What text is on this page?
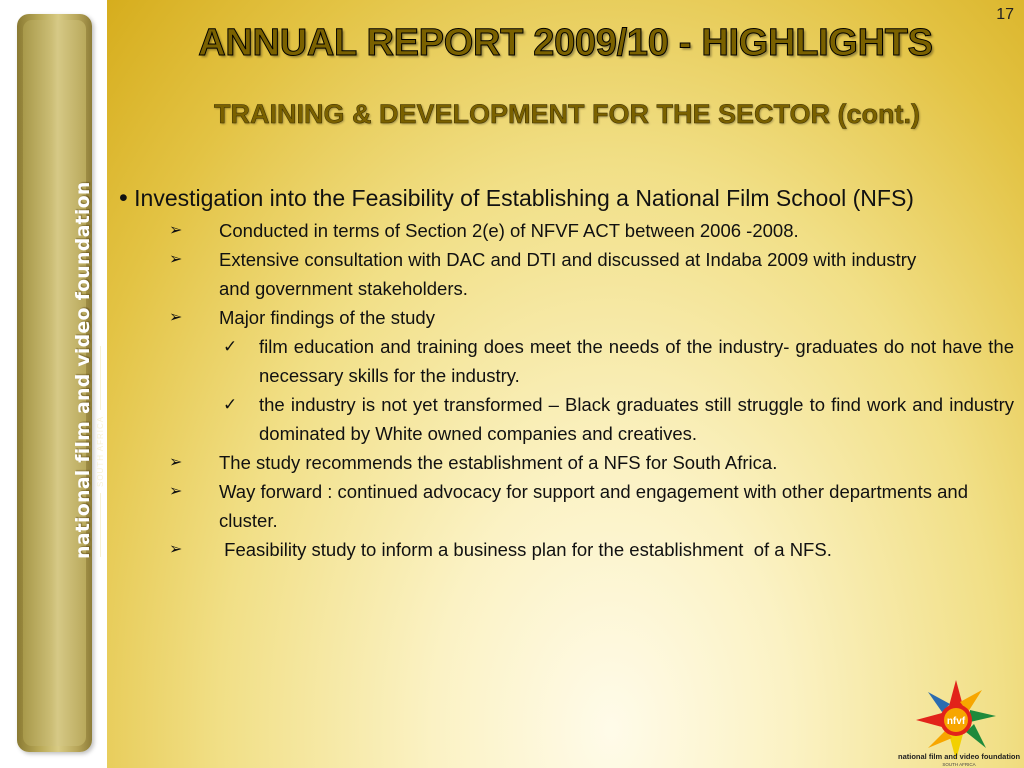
national film and video foundation SOUTH AFRICA
17
ANNUAL REPORT 2009/10 - HIGHLIGHTS
TRAINING & DEVELOPMENT FOR THE SECTOR (cont.)

• Investigation into the Feasibility of Establishing a National Film School (NFS)

➢ Conducted in terms of Section 2(e) of NFVF ACT between 2006 -2008.
➢ Extensive consultation with DAC and DTI and discussed at Indaba 2009 with industry and government stakeholders.
➢ Major findings of the study
✓ film education and training does meet the needs of the industry- graduates do not have the necessary skills for the industry.
✓ the industry is not yet transformed – Black graduates still struggle to find work and industry dominated by White owned companies and creatives.
➢ The study recommends the establishment of a NFS for South Africa.
➢ Way forward : continued advocacy for support and engagement with other departments and cluster.
➢ Feasibility study to inform a business plan for the establishment  of a NFS.
nfvf
national film and video foundation
SOUTH AFRICA
